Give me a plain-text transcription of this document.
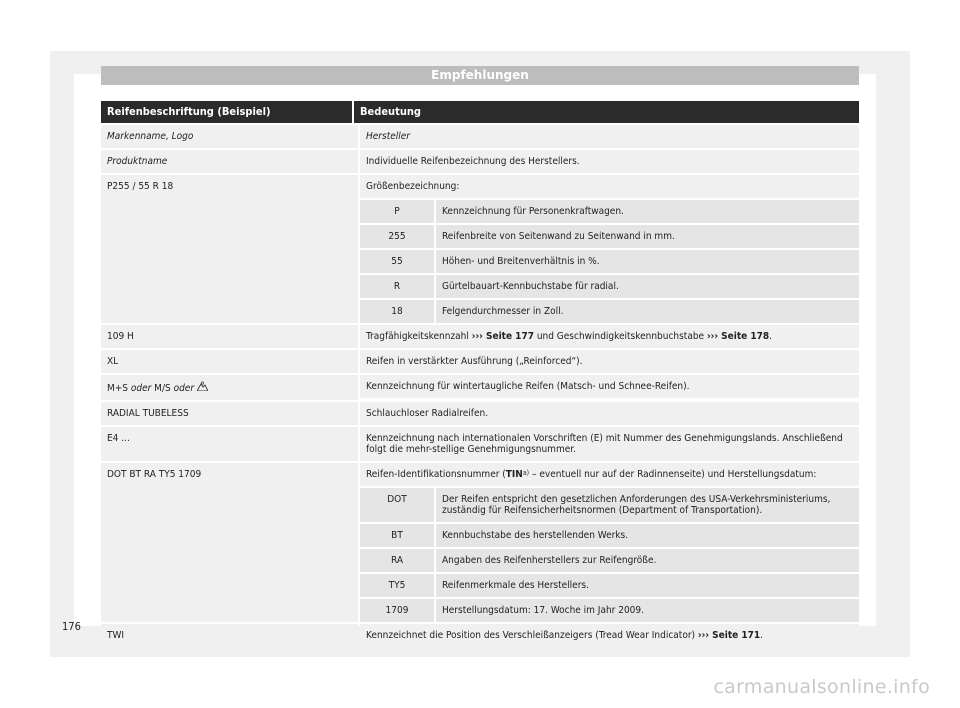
Empfehlungen
Reifenbeschriftung (Beispiel)	Bedeutung
Markenname, Logo	Hersteller
Produktname	Individuelle Reifenbezeichnung des Herstellers.
P255 / 55 R 18	Größenbezeichnung:
P	Kennzeichnung für Personenkraftwagen.
255	Reifenbreite von Seitenwand zu Seitenwand in mm.
55	Höhen- und Breitenverhältnis in %.
R	Gürtelbauart-Kennbuchstabe für radial.
18	Felgendurchmesser in Zoll.
109 H	Tragfähigkeitskennzahl ››› Seite 177 und Geschwindigkeitskennbuchstabe ››› Seite 178.
XL	Reifen in verstärkter Ausführung („Reinforced“).
M+S oder M/S oder	Kennzeichnung für wintertaugliche Reifen (Matsch- und Schnee-Reifen).
RADIAL TUBELESS	Schlauchloser Radialreifen.
E4 ...	Kennzeichnung nach internationalen Vorschriften (E) mit Nummer des Genehmigungslands. Anschließend folgt die mehr-stellige Genehmigungsnummer.
DOT BT RA TY5 1709	Reifen-Identifikationsnummer (TIN$^{a)}$ – eventuell nur auf der Radinnenseite) und Herstellungsdatum:
DOT	Der Reifen entspricht den gesetzlichen Anforderungen des USA-Verkehrsministeriums, zuständig für Reifensicherheitsnormen (Department of Transportation).
BT	Kennbuchstabe des herstellenden Werks.
RA	Angaben des Reifenherstellers zur Reifengröße.
TY5	Reifenmerkmale des Herstellers.
1709	Herstellungsdatum: 17. Woche im Jahr 2009.
TWI	Kennzeichnet die Position des Verschleißanzeigers (Tread Wear Indicator) ››› Seite 171.
176
carmanualsonline.info
